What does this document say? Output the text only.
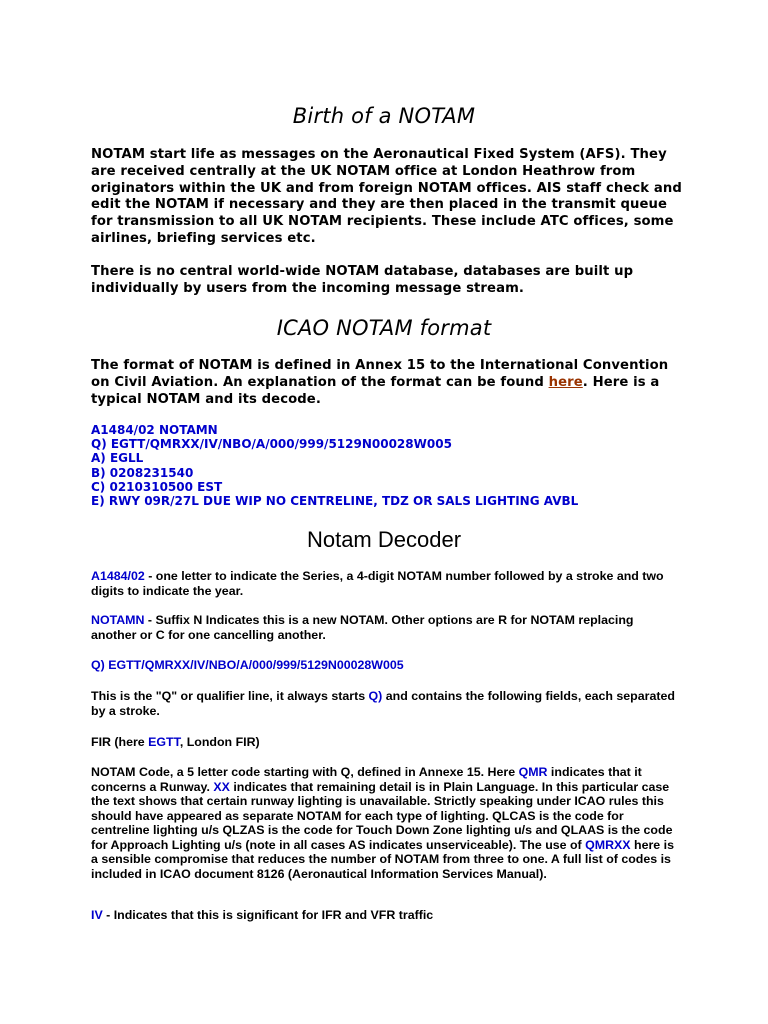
Birth of a NOTAM

NOTAM start life as messages on the Aeronautical Fixed System (AFS). They are received centrally at the UK NOTAM office at London Heathrow from originators within the UK and from foreign NOTAM offices. AIS staff check and edit the NOTAM if necessary and they are then placed in the transmit queue for transmission to all UK NOTAM recipients. These include ATC offices, some airlines, briefing services etc.

There is no central world-wide NOTAM database, databases are built up individually by users from the incoming message stream.

ICAO NOTAM format

The format of NOTAM is defined in Annex 15 to the International Convention on Civil Aviation. An explanation of the format can be found here. Here is a typical NOTAM and its decode.

A1484/02 NOTAMN
Q) EGTT/QMRXX/IV/NBO/A/000/999/5129N00028W005
A) EGLL
B) 0208231540
C) 0210310500 EST
E) RWY 09R/27L DUE WIP NO CENTRELINE, TDZ OR SALS LIGHTING AVBL
Notam Decoder

A1484/02 - one letter to indicate the Series, a 4-digit NOTAM number followed by a stroke and two digits to indicate the year.

NOTAMN - Suffix N Indicates this is a new NOTAM. Other options are R for NOTAM replacing another or C for one cancelling another.

Q) EGTT/QMRXX/IV/NBO/A/000/999/5129N00028W005

This is the "Q" or qualifier line, it always starts Q) and contains the following fields, each separated by a stroke.

FIR (here EGTT, London FIR)

NOTAM Code, a 5 letter code starting with Q, defined in Annexe 15. Here QMR indicates that it concerns a Runway. XX indicates that remaining detail is in Plain Language. In this particular case the text shows that certain runway lighting is unavailable. Strictly speaking under ICAO rules this should have appeared as separate NOTAM for each type of lighting. QLCAS is the code for centreline lighting u/s QLZAS is the code for Touch Down Zone lighting u/s and QLAAS is the code for Approach Lighting u/s (note in all cases AS indicates unserviceable). The use of QMRXX here is a sensible compromise that reduces the number of NOTAM from three to one. A full list of codes is included in ICAO document 8126 (Aeronautical Information Services Manual).

IV - Indicates that this is significant for IFR and VFR traffic
